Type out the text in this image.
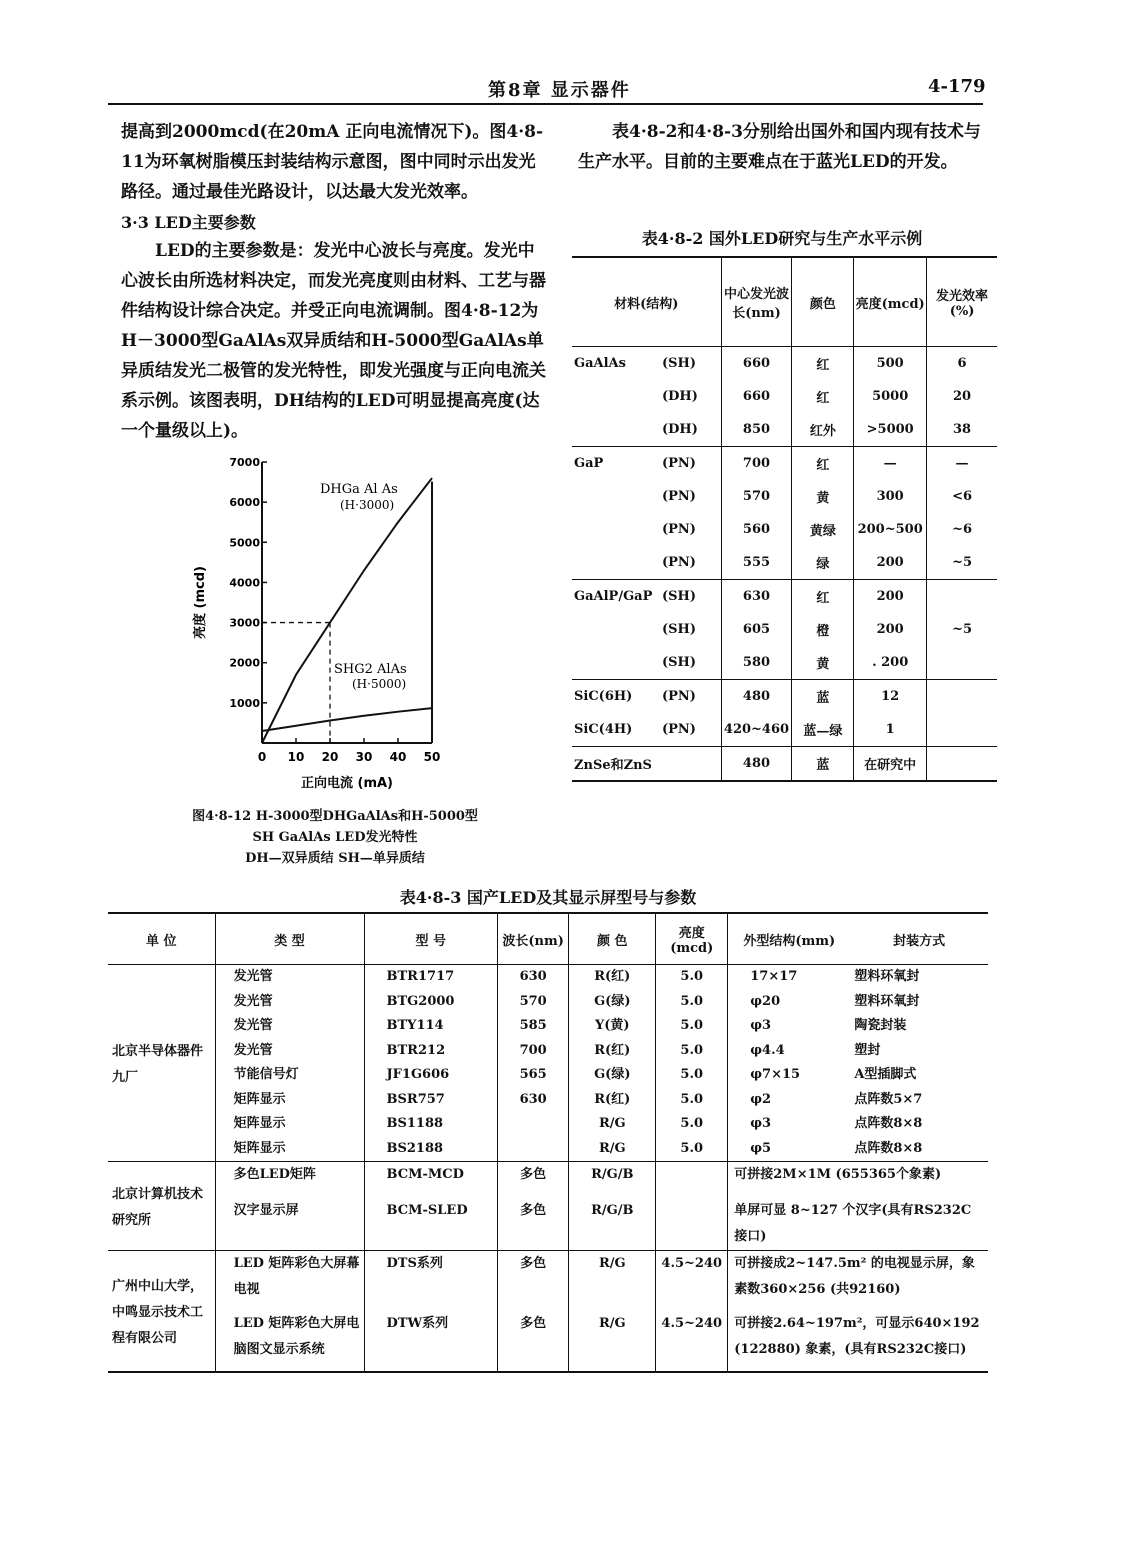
第8章 显示器件	4-179
提高到2000mcd(在20mA 正向电流情况下)。图4·8-11为环氧树脂模压封装结构示意图，图中同时示出发光路径。通过最佳光路设计，以达最大发光效率。
3·3 LED主要参数
LED的主要参数是：发光中心波长与亮度。发光中心波长由所选材料决定，而发光亮度则由材料、工艺与器件结构设计综合决定。并受正向电流调制。图4·8-12为H－3000型GaAlAs双异质结和H-5000型GaAlAs单异质结发光二极管的发光特性，即发光强度与正向电流关系示例。该图表明，DH结构的LED可明显提高亮度(达一个量级以上)。
表4·8-2和4·8-3分别给出国外和国内现有技术与生产水平。目前的主要难点在于蓝光LED的开发。
0 10 20 30 40 50
1000
2000
3000
4000
5000
6000
7000
DHGa Al As
(H·3000)
SHG2 AlAs
(H·5000)
正向电流 (mA)
亮度 (mcd)
图4·8-12 H-3000型DHGaAlAs和H-5000型
SH GaAlAs LED发光特性
DH—双异质结 SH—单异质结
表4·8-2 国外LED研究与生产水平示例
材料(结构)	中心发光波长(nm)	颜色	亮度(mcd)	发光效率(%)
GaAlAs (SH)	660	红	500	6
(DH)	660	红	5000	20
(DH)	850	红外	>5000	38
GaP (PN)	700	红	—	—
(PN)	570	黄	300	<6
(PN)	560	黄绿	200~500	~6
(PN)	555	绿	200	~5
GaAlP/GaP (SH)	630	红	200	
(SH)	605	橙	200	~5
(SH)	580	黄	. 200	
SiC(6H) (PN)	480	蓝	12	
SiC(4H) (PN)	420~460	蓝—绿	1	
ZnSe和ZnS	480	蓝	在研究中	
表4·8-3 国产LED及其显示屏型号与参数
单 位	类 型	型 号	波长(nm)	颜 色	亮度(mcd)	外型结构(mm)	封装方式
北京半导体器件九厂	发光管	BTR1717	630	R(红)	5.0	17×17	塑料环氧封
	发光管	BTG2000	570	G(绿)	5.0	φ20	塑料环氧封
	发光管	BTY114	585	Y(黄)	5.0	φ3	陶瓷封装
	发光管	BTR212	700	R(红)	5.0	φ4.4	塑封
	节能信号灯	JF1G606	565	G(绿)	5.0	φ7×15	A型插脚式
	矩阵显示	BSR757	630	R(红)	5.0	φ2	点阵数5×7
	矩阵显示	BS1188		R/G	5.0	φ3	点阵数8×8
	矩阵显示	BS2188		R/G	5.0	φ5	点阵数8×8
北京计算机技术研究所	多色LED矩阵	BCM-MCD	多色	R/G/B		可拼接2M×1M (655365个象素)	
	汉字显示屏	BCM-SLED	多色	R/G/B		单屏可显 8~127 个汉字(具有RS232C接口)	
广州中山大学，中鸣显示技术工程有限公司	LED 矩阵彩色大屏幕电视	DTS系列	多色	R/G	4.5~240	可拼接成2~147.5m² 的电视显示屏，象素数360×256 (共92160)	
	LED 矩阵彩色大屏电脑图文显示系统	DTW系列	多色	R/G	4.5~240	可拼接2.64~197m²，可显示640×192 (122880) 象素，(具有RS232C接口)	
